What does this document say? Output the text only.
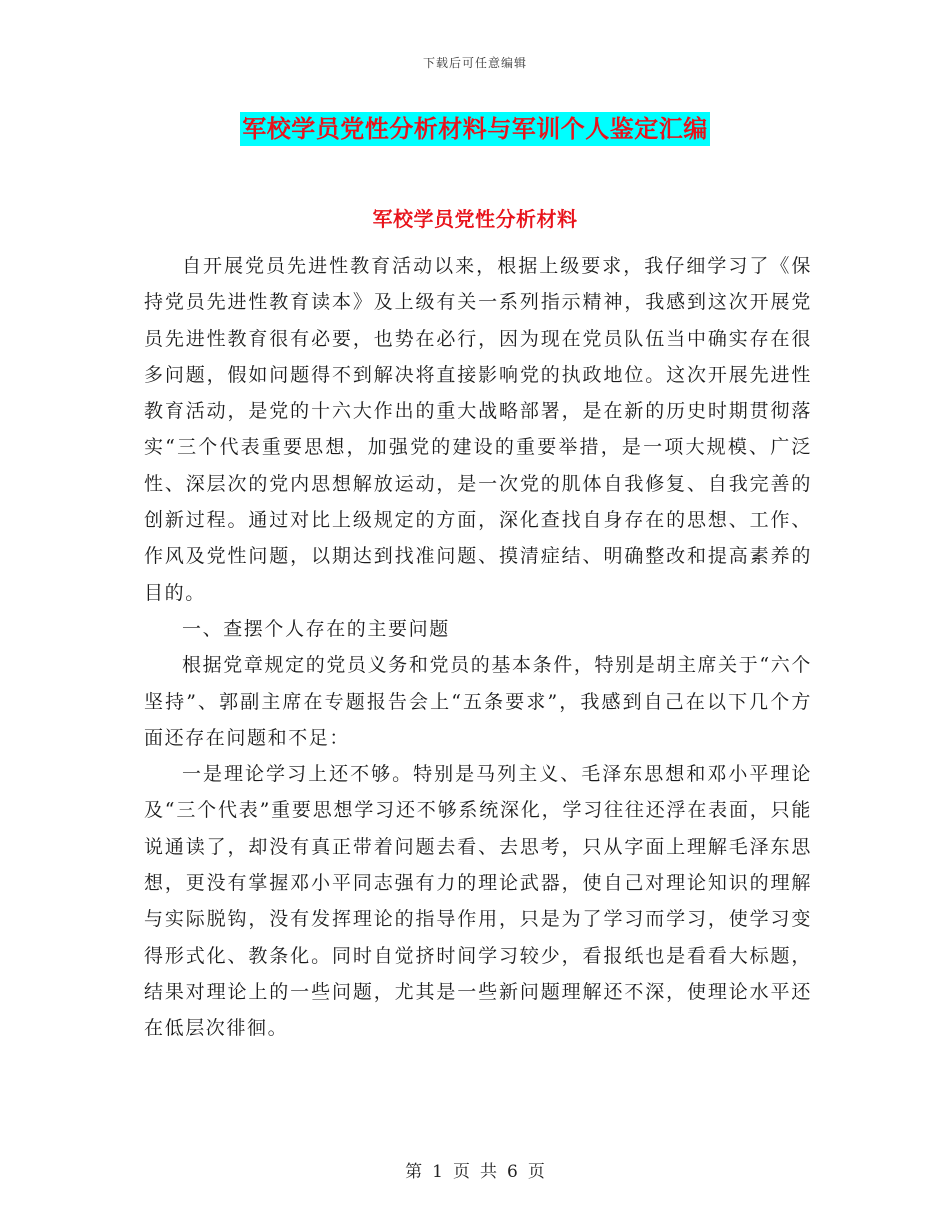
下载后可任意编辑
军校学员党性分析材料与军训个人鉴定汇编
军校学员党性分析材料

自开展党员先进性教育活动以来，根据上级要求，我仔细学习了《保持党员先进性教育读本》及上级有关一系列指示精神，我感到这次开展党员先进性教育很有必要，也势在必行，因为现在党员队伍当中确实存在很多问题，假如问题得不到解决将直接影响党的执政地位。这次开展先进性教育活动，是党的十六大作出的重大战略部署，是在新的历史时期贯彻落实“三个代表重要思想，加强党的建设的重要举措，是一项大规模、广泛性、深层次的党内思想解放运动，是一次党的肌体自我修复、自我完善的创新过程。通过对比上级规定的方面，深化查找自身存在的思想、工作、作风及党性问题，以期达到找准问题、摸清症结、明确整改和提高素养的目的。

一、查摆个人存在的主要问题

根据党章规定的党员义务和党员的基本条件，特别是胡主席关于“六个坚持”、郭副主席在专题报告会上“五条要求”，我感到自己在以下几个方面还存在问题和不足：

一是理论学习上还不够。特别是马列主义、毛泽东思想和邓小平理论及“三个代表”重要思想学习还不够系统深化，学习往往还浮在表面，只能说通读了，却没有真正带着问题去看、去思考，只从字面上理解毛泽东思想，更没有掌握邓小平同志强有力的理论武器，使自己对理论知识的理解与实际脱钩，没有发挥理论的指导作用，只是为了学习而学习，使学习变得形式化、教条化。同时自觉挤时间学习较少，看报纸也是看看大标题，结果对理论上的一些问题，尤其是一些新问题理解还不深，使理论水平还在低层次徘徊。

第 1 页 共 6 页
